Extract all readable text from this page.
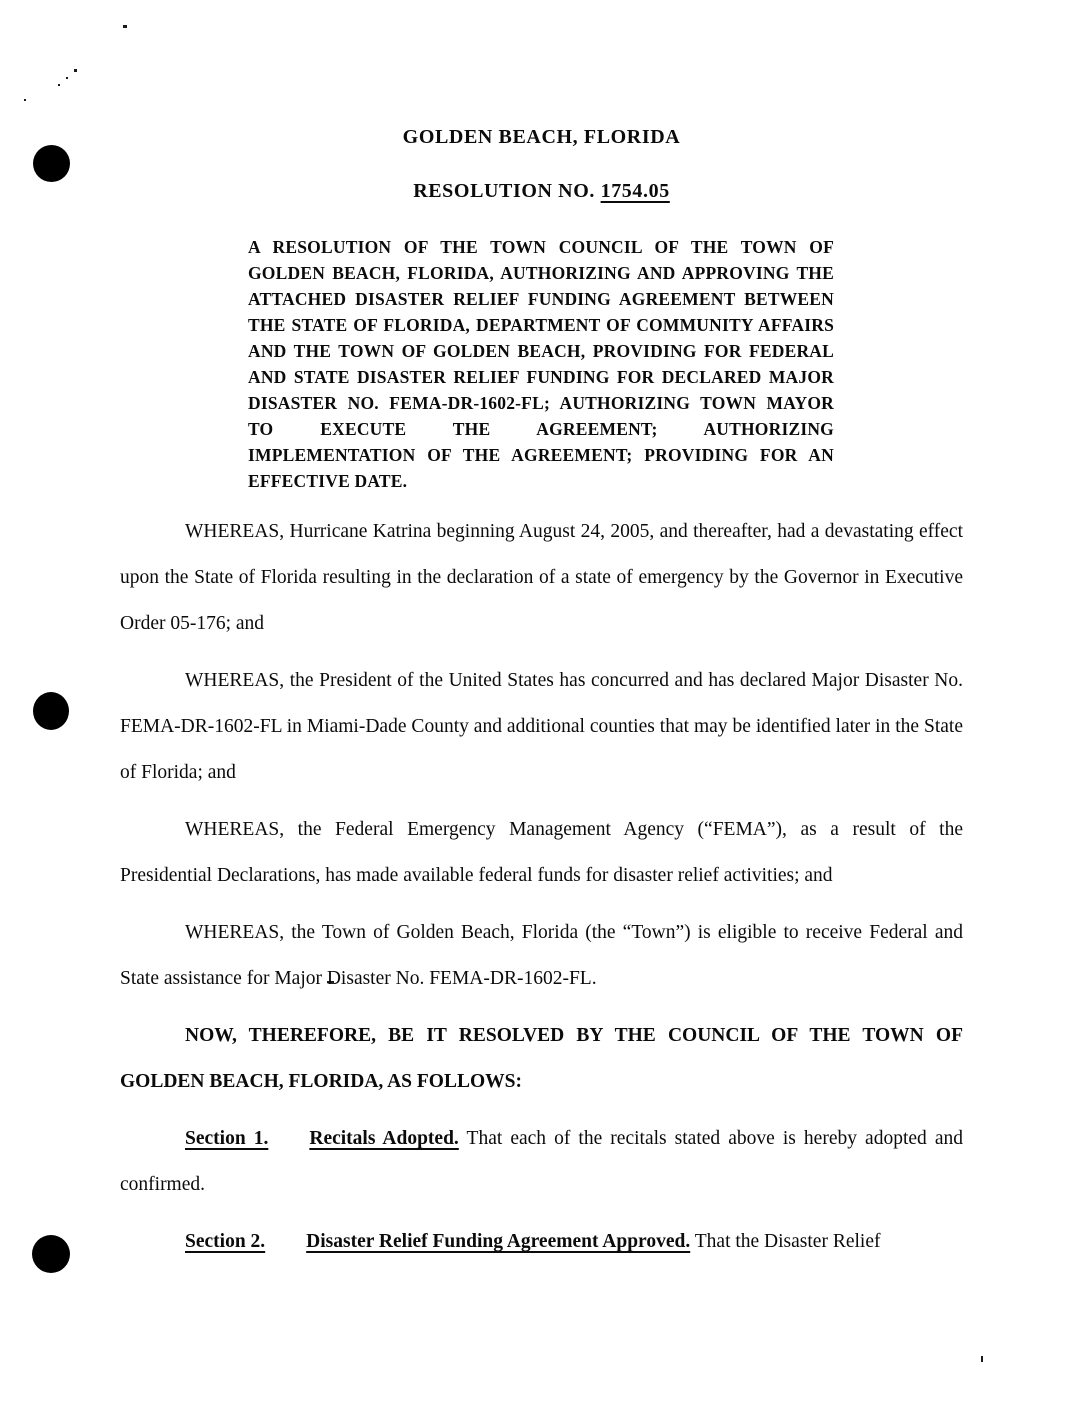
GOLDEN BEACH, FLORIDA
RESOLUTION NO. 1754.05

A RESOLUTION OF THE TOWN COUNCIL OF THE TOWN OF GOLDEN BEACH, FLORIDA, AUTHORIZING AND APPROVING THE ATTACHED DISASTER RELIEF FUNDING AGREEMENT BETWEEN THE STATE OF FLORIDA, DEPARTMENT OF COMMUNITY AFFAIRS AND THE TOWN OF GOLDEN BEACH, PROVIDING FOR FEDERAL AND STATE DISASTER RELIEF FUNDING FOR DECLARED MAJOR DISASTER NO. FEMA-DR-1602-FL; AUTHORIZING TOWN MAYOR TO EXECUTE THE AGREEMENT; AUTHORIZING IMPLEMENTATION OF THE AGREEMENT; PROVIDING FOR AN EFFECTIVE DATE.

WHEREAS, Hurricane Katrina beginning August 24, 2005, and thereafter, had a devastating effect upon the State of Florida resulting in the declaration of a state of emergency by the Governor in Executive Order 05-176; and

WHEREAS, the President of the United States has concurred and has declared Major Disaster No. FEMA-DR-1602-FL in Miami-Dade County and additional counties that may be identified later in the State of Florida; and

WHEREAS, the Federal Emergency Management Agency (“FEMA”), as a result of the Presidential Declarations, has made available federal funds for disaster relief activities; and

WHEREAS, the Town of Golden Beach, Florida (the “Town”) is eligible to receive Federal and State assistance for Major Disaster No. FEMA-DR-1602-FL.

NOW, THEREFORE, BE IT RESOLVED BY THE COUNCIL OF THE TOWN OF GOLDEN BEACH, FLORIDA, AS FOLLOWS:

Section 1. Recitals Adopted. That each of the recitals stated above is hereby adopted and confirmed.

Section 2. Disaster Relief Funding Agreement Approved. That the Disaster Relief
